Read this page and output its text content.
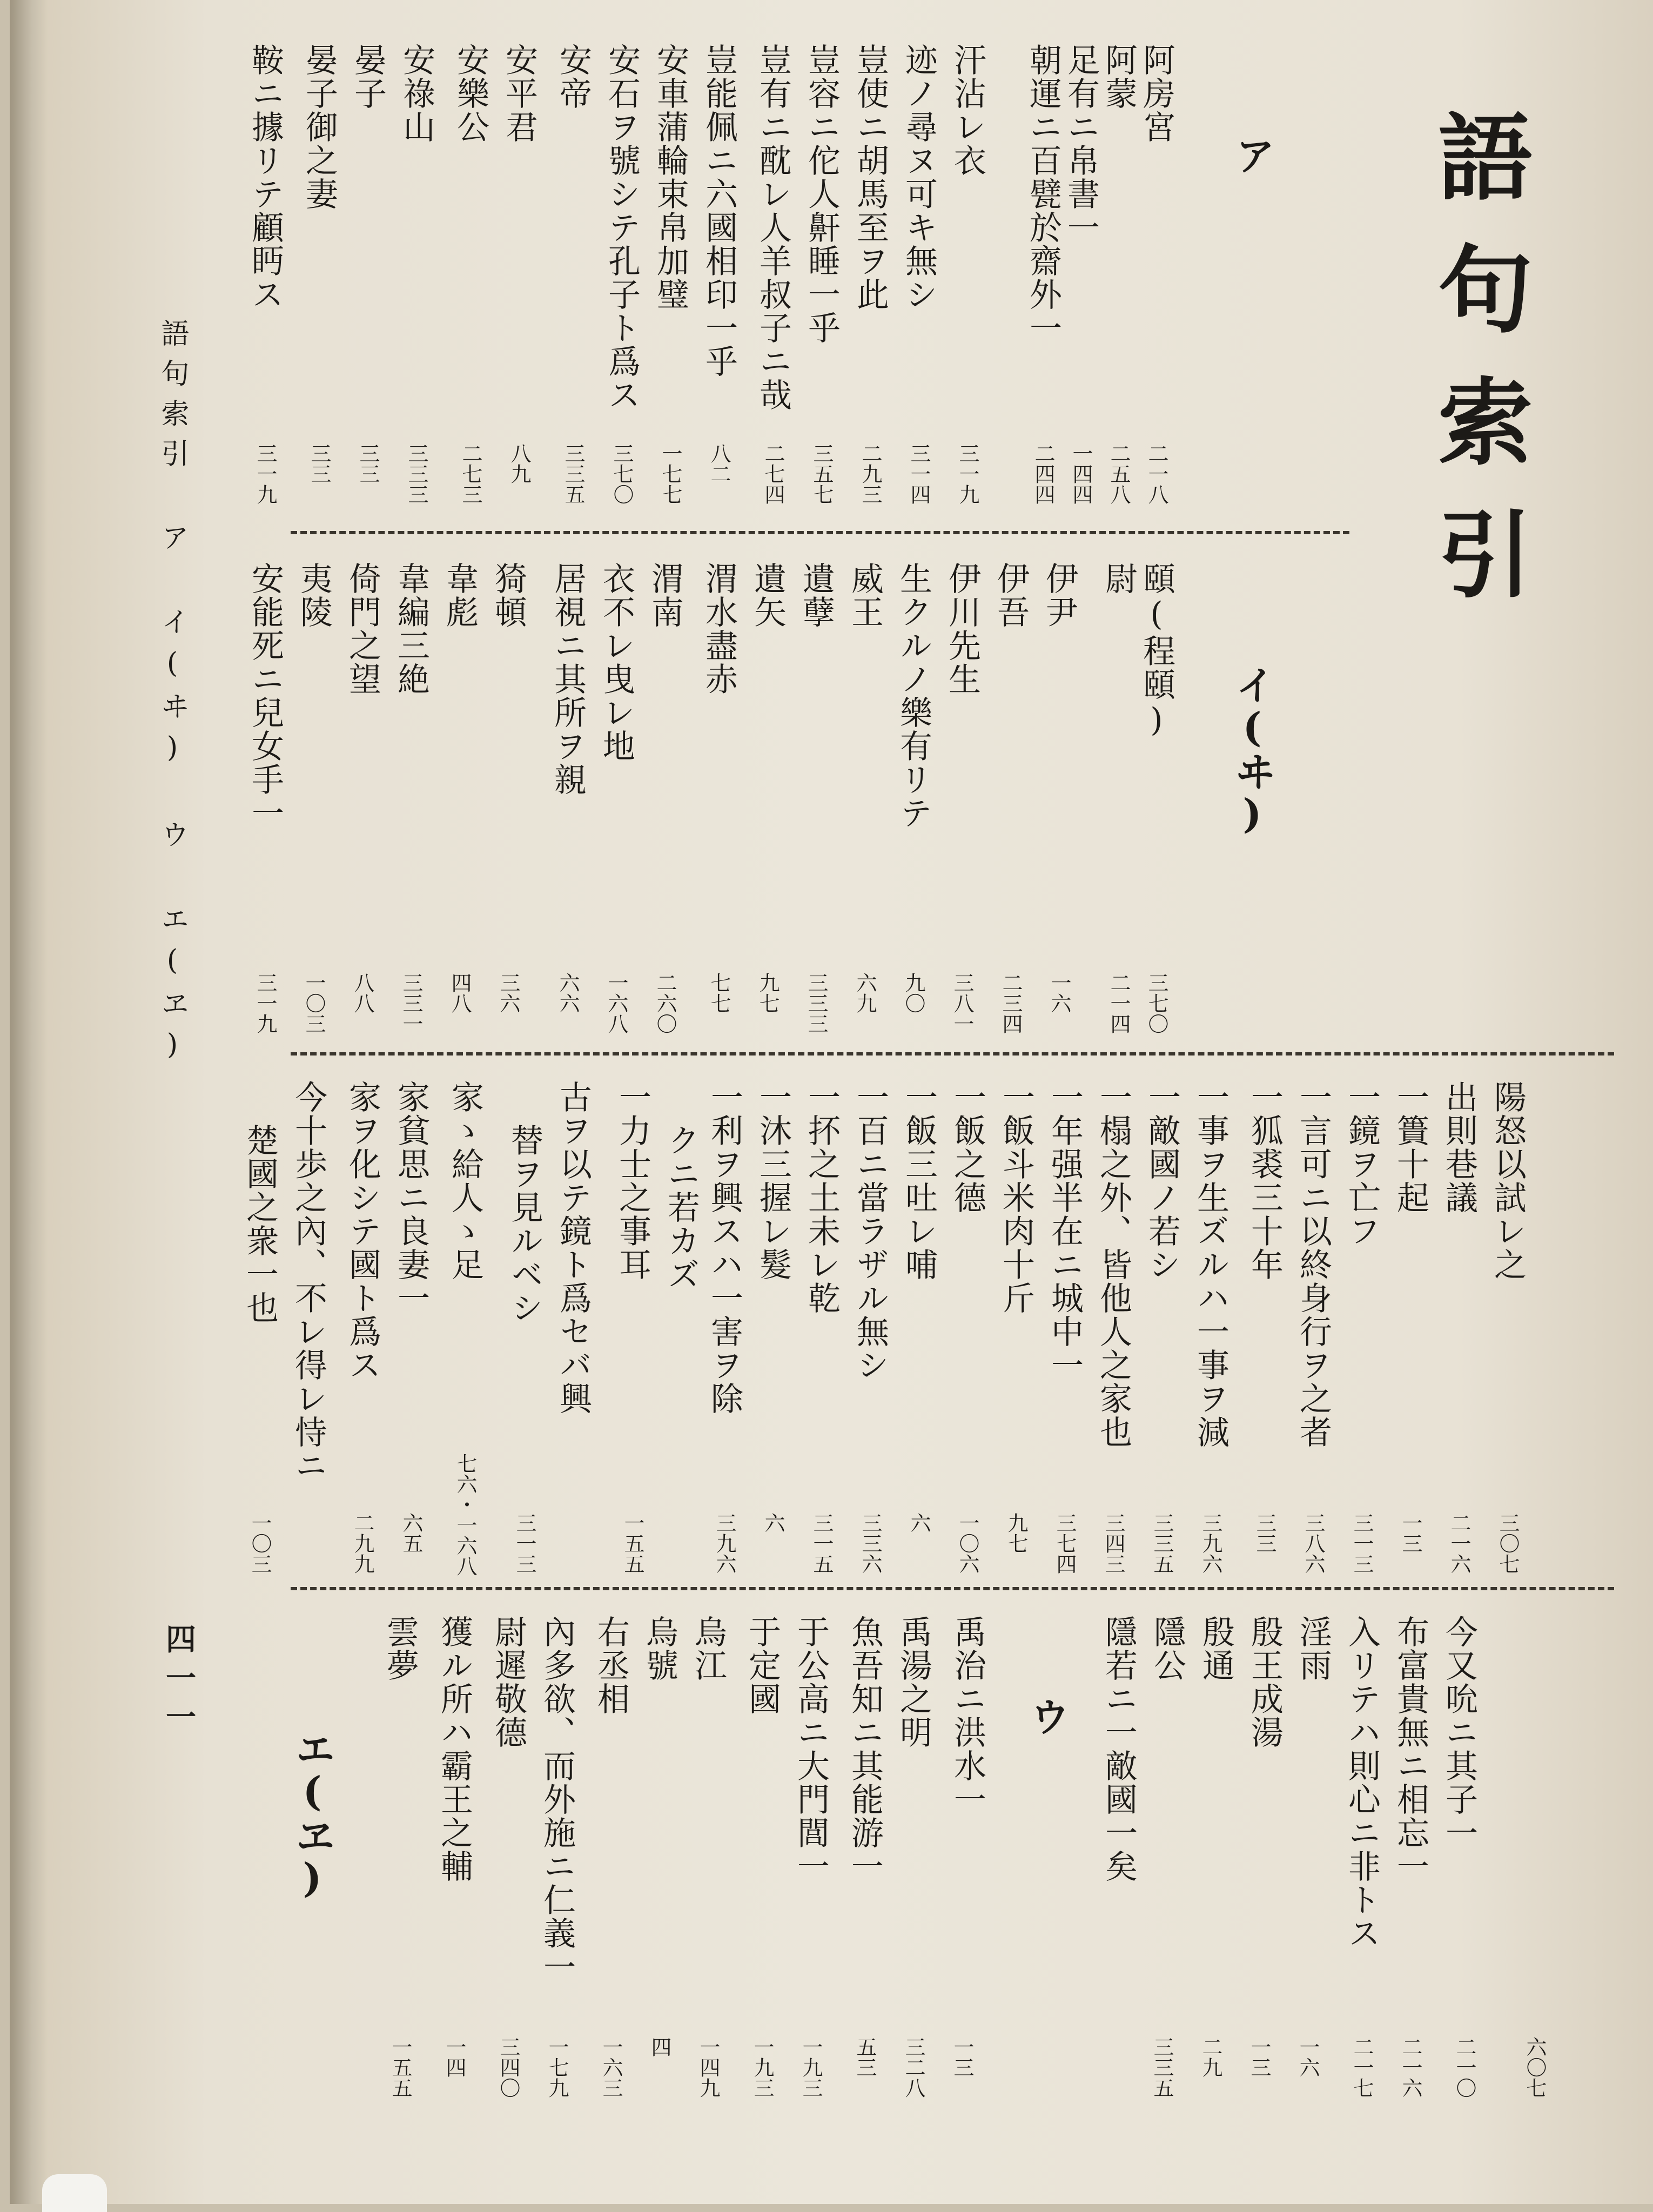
語句索引
語句索引 ア イ(ヰ) ウ エ(ヱ)
四一一
ア
阿房宮
二一八
阿蒙
二五八
足有ニ帛書一
一四四
朝運ニ百甓於齋外一
二四四
汗沾レ衣
三一九
迹ノ尋ヌ可キ無シ
三一四
豈使ニ胡馬至ヲ此
二九三
豈容ニ佗人鼾睡一乎
三五七
豈有ニ酖レ人羊叔子ニ哉
二七四
豈能佩ニ六國相印一乎
八二
安車蒲輪束帛加璧
一七七
安石ヲ號シテ孔子ト爲ス
三七〇
安帝
三三五
安平君
八九
安樂公
二七三
安祿山
三三三
晏子
三三
晏子御之妻
三三
鞍ニ據リテ顧眄ス
三一九
イ(ヰ)
頤(程頤)
三七〇
尉
二一四
伊尹
一六
伊吾
二三四
伊川先生
三八一
生クルノ樂有リテ
九〇
威王
六九
遺孽
三三三
遺矢
九七
渭水盡赤
七七
渭南
二六〇
衣不レ曳レ地
一六八
居視ニ其所ヲ親
六六
猗頓
三六
韋彪
四八
韋編三絶
三三一
倚門之望
八八
夷陵
一〇三
安能死ニ兒女手一
三一九
陽怒以試レ之
三〇七
出則巷議
二一六
一簣十起
一三
一鏡ヲ亡フ
三一三
一言可ニ以終身行ヲ之者
三八六
一狐裘三十年
三三
一事ヲ生ズルハ一事ヲ減
三九六
一敵國ノ若シ
三三五
一榻之外、皆他人之家也
三四三
一年强半在ニ城中一
三七四
一飯斗米肉十斤
九七
一飯之德
一〇六
一飯三吐レ哺
六
一百ニ當ラザル無シ
三三六
一抔之土未レ乾
三一五
一沐三握レ髮
六
一利ヲ興スハ一害ヲ除
三九六
クニ若カズ
一力士之事耳
一五五
古ヲ以テ鏡ト爲セバ興
替ヲ見ルベシ
三一三
家ゝ給人ゝ足
七六・一六八
家貧思ニ良妻一
六五
家ヲ化シテ國ト爲ス
二九九
今十歩之內、不レ得レ恃ニ
楚國之衆一也
一〇三
今又吮ニ其子一
六〇七
布富貴無ニ相忘一
二一〇
入リテハ則心ニ非トス
二一六
淫雨
二一七
殷王成湯
一六
殷通
一三
隱公
二九
隱若ニ一敵國一矣
三三五
ウ
禹治ニ洪水一
一三
禹湯之明
三二八
魚吾知ニ其能游一
五三
于公高ニ大門閭一
一九三
于定國
一九三
烏江
一四九
烏號
四
右丞相
一六三
內多欲、而外施ニ仁義一
一七九
尉遲敬德
三四〇
獲ル所ハ霸王之輔
一四
雲夢
一五五
エ(ヱ)
